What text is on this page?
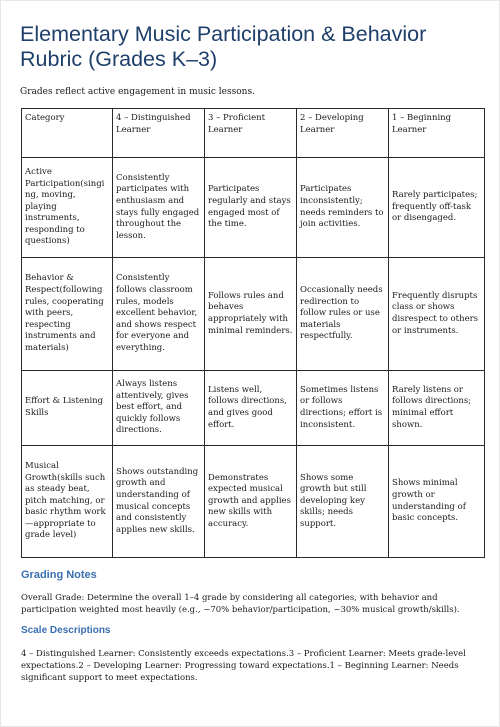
Elementary Music Participation & Behavior Rubric (Grades K–3)
Grades reflect active engagement in music lessons.
Category	4 – Distinguished Learner	3 – Proficient Learner	2 – Developing Learner	1 – Beginning Learner
Active Participation(singing, moving, playing instruments, responding to questions)	Consistently participates with enthusiasm and stays fully engaged throughout the lesson.	Participates regularly and stays engaged most of the time.	Participates inconsistently; needs reminders to join activities.	Rarely participates; frequently off-task or disengaged.
Behavior & Respect(following rules, cooperating with peers, respecting instruments and materials)	Consistently follows classroom rules, models excellent behavior, and shows respect for everyone and everything.	Follows rules and behaves appropriately with minimal reminders.	Occasionally needs redirection to follow rules or use materials respectfully.	Frequently disrupts class or shows disrespect to others or instruments.
Effort & Listening Skills	Always listens attentively, gives best effort, and quickly follows directions.	Listens well, follows directions, and gives good effort.	Sometimes listens or follows directions; effort is inconsistent.	Rarely listens or follows directions; minimal effort shown.
Musical Growth(skills such as steady beat, pitch matching, or basic rhythm work—appropriate to grade level)	Shows outstanding growth and understanding of musical concepts and consistently applies new skills.	Demonstrates expected musical growth and applies new skills with accuracy.	Shows some growth but still developing key skills; needs support.	Shows minimal growth or understanding of basic concepts.
Grading Notes

Overall Grade: Determine the overall 1–4 grade by considering all categories, with behavior and participation weighted most heavily (e.g., ~70% behavior/participation, ~30% musical growth/skills).

Scale Descriptions

4 – Distinguished Learner: Consistently exceeds expectations.3 – Proficient Learner: Meets grade-level expectations.2 – Developing Learner: Progressing toward expectations.1 – Beginning Learner: Needs significant support to meet expectations.
